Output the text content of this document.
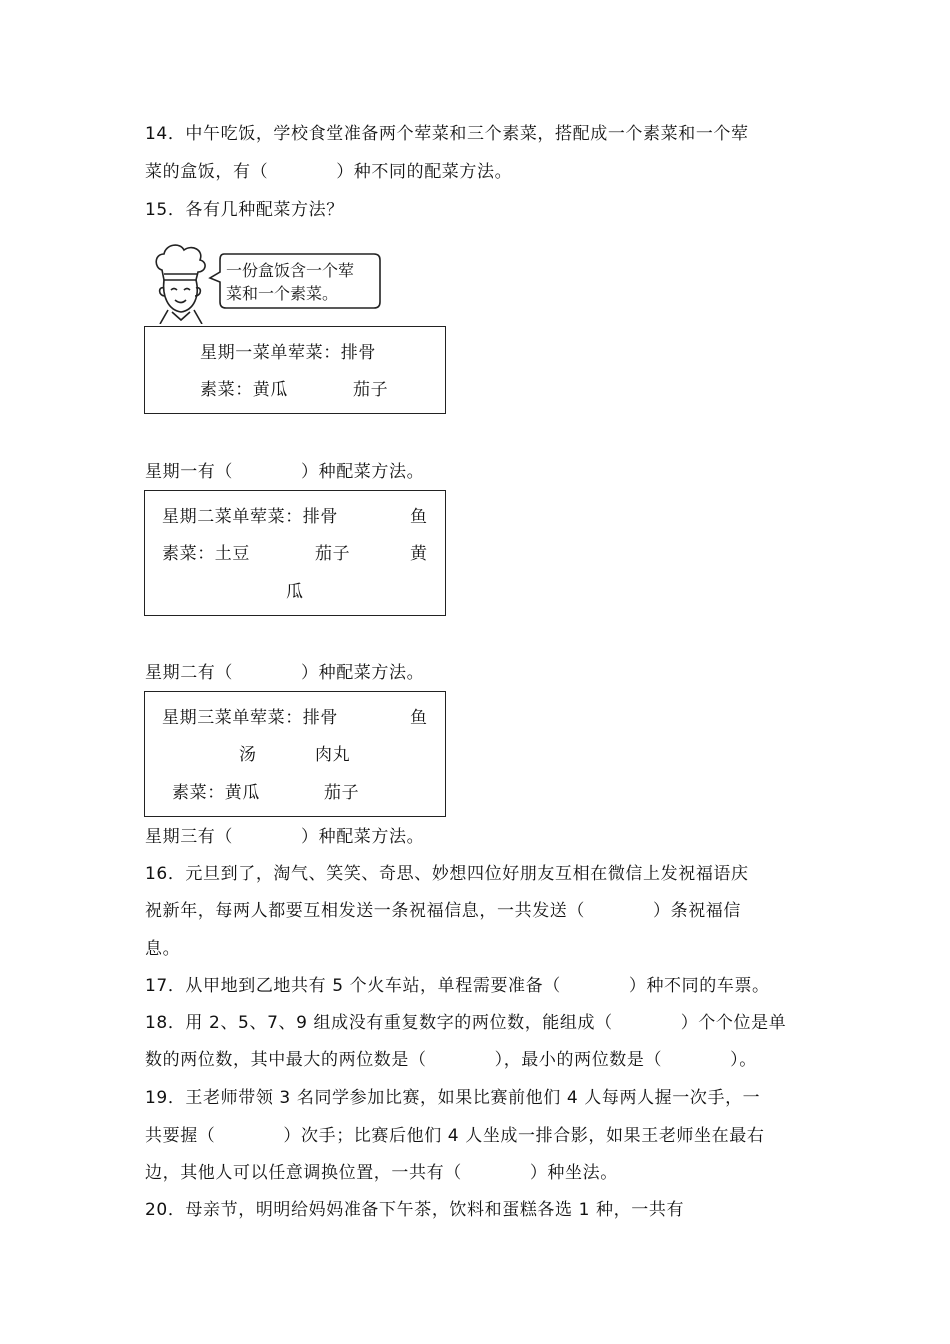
14．中午吃饭，学校食堂准备两个荤菜和三个素菜，搭配成一个素菜和一个荤
菜的盒饭，有（	）种不同的配菜方法。
15．各有几种配菜方法？
一份盒饭含一个荤
菜和一个素菜。
星期一菜单荤菜：排骨
素菜：黄瓜	茄子
星期一有（	）种配菜方法。
星期二菜单荤菜：排骨	鱼
素菜：土豆	茄子	黄
瓜
星期二有（	）种配菜方法。
星期三菜单荤菜：排骨	鱼
汤	肉丸
素菜：黄瓜	茄子
星期三有（	）种配菜方法。
16．元旦到了，淘气、笑笑、奇思、妙想四位好朋友互相在微信上发祝福语庆
祝新年，每两人都要互相发送一条祝福信息，一共发送（	）条祝福信
息。
17．从甲地到乙地共有 5 个火车站，单程需要准备（	）种不同的车票。
18．用 2、5、7、9 组成没有重复数字的两位数，能组成（	）个个位是单
数的两位数，其中最大的两位数是（	），最小的两位数是（	）。
19．王老师带领 3 名同学参加比赛，如果比赛前他们 4 人每两人握一次手，一
共要握（	）次手；比赛后他们 4 人坐成一排合影，如果王老师坐在最右
边，其他人可以任意调换位置，一共有（	）种坐法。
20．母亲节，明明给妈妈准备下午茶，饮料和蛋糕各选 1 种，一共有
